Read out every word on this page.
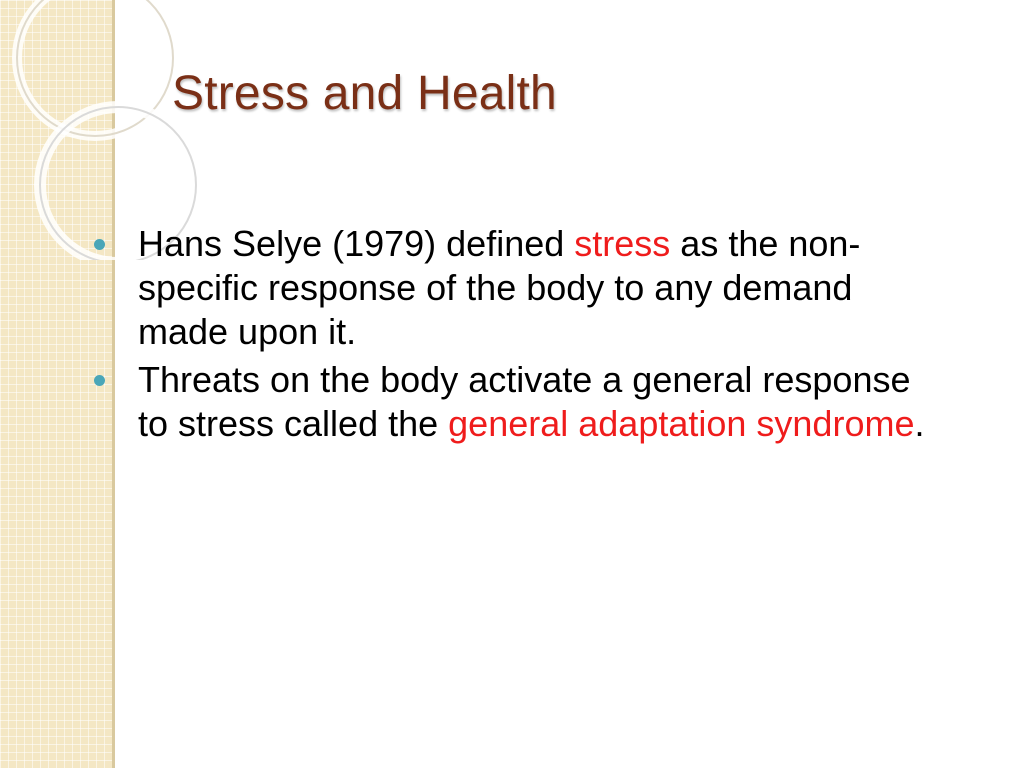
Stress and Health
Hans Selye (1979) defined stress as the non-specific response of the body to any demand made upon it.
Threats on the body activate a general response to stress called the general adaptation syndrome.
